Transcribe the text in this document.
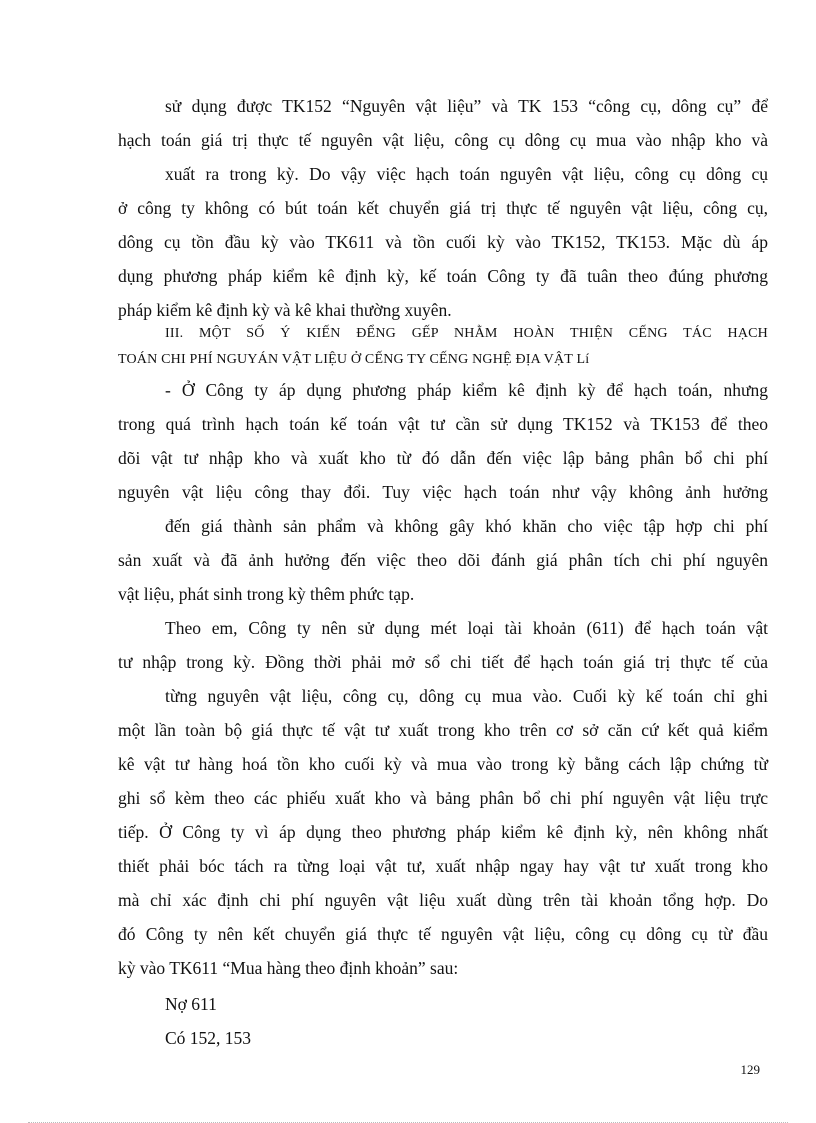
sử dụng được TK152 “Nguyên vật liệu” và TK 153 “công cụ, dông cụ” để
hạch toán giá trị thực tế nguyên vật liệu, công cụ dông cụ mua vào nhập kho và
xuất ra trong kỳ. Do vậy việc hạch toán nguyên vật liệu, công cụ dông cụ
ở công ty không có bút toán kết chuyển giá trị thực tế nguyên vật liệu, công cụ,
dông cụ tồn đầu kỳ vào TK611 và tồn cuối kỳ vào TK152, TK153. Mặc dù áp
dụng phương pháp kiểm kê định kỳ, kế toán Công ty đã tuân theo đúng phương
pháp kiểm kê định kỳ và kê khai thường xuyên.
III. MỘT SỐ Ý KIẾN ĐỂNG GẾP NHẰM HOÀN THIỆN CẾNG TÁC HẠCH
TOÁN CHI PHÍ NGUYÁN VẬT LIỆU Ở CẾNG TY CẾNG NGHỆ ĐỊA VẬT Lí
- Ở Công ty áp dụng phương pháp kiểm kê định kỳ để hạch toán, nhưng
trong quá trình hạch toán kế toán vật tư cần sử dụng TK152 và TK153 để theo
dõi vật tư nhập kho và xuất kho từ đó dẫn đến việc lập bảng phân bổ chi phí
nguyên vật liệu công thay đổi. Tuy việc hạch toán như vậy không ảnh hưởng
đến giá thành sản phẩm và không gây khó khăn cho việc tập hợp chi phí
sản xuất và đã ảnh hưởng đến việc theo dõi đánh giá phân tích chi phí nguyên
vật liệu, phát sinh trong kỳ thêm phức tạp.
Theo em, Công ty nên sử dụng mét loại tài khoản (611) để hạch toán vật
tư nhập trong kỳ. Đồng thời phải mở sổ chi tiết để hạch toán giá trị thực tế của
từng nguyên vật liệu, công cụ, dông cụ mua vào. Cuối kỳ kế toán chỉ ghi
một lần toàn bộ giá thực tế vật tư xuất trong kho trên cơ sở căn cứ kết quả kiểm
kê vật tư hàng hoá tồn kho cuối kỳ và mua vào trong kỳ bằng cách lập chứng từ
ghi sổ kèm theo các phiếu xuất kho và bảng phân bổ chi phí nguyên vật liệu trực
tiếp. Ở Công ty vì áp dụng theo phương pháp kiểm kê định kỳ, nên không nhất
thiết phải bóc tách ra từng loại vật tư, xuất nhập ngay hay vật tư xuất trong kho
mà chỉ xác định chi phí nguyên vật liệu xuất dùng trên tài khoản tổng hợp. Do
đó Công ty nên kết chuyển giá thực tế nguyên vật liệu, công cụ dông cụ từ đầu
kỳ vào TK611 “Mua hàng theo định khoản” sau:
Nợ 611
Có 152, 153
129
